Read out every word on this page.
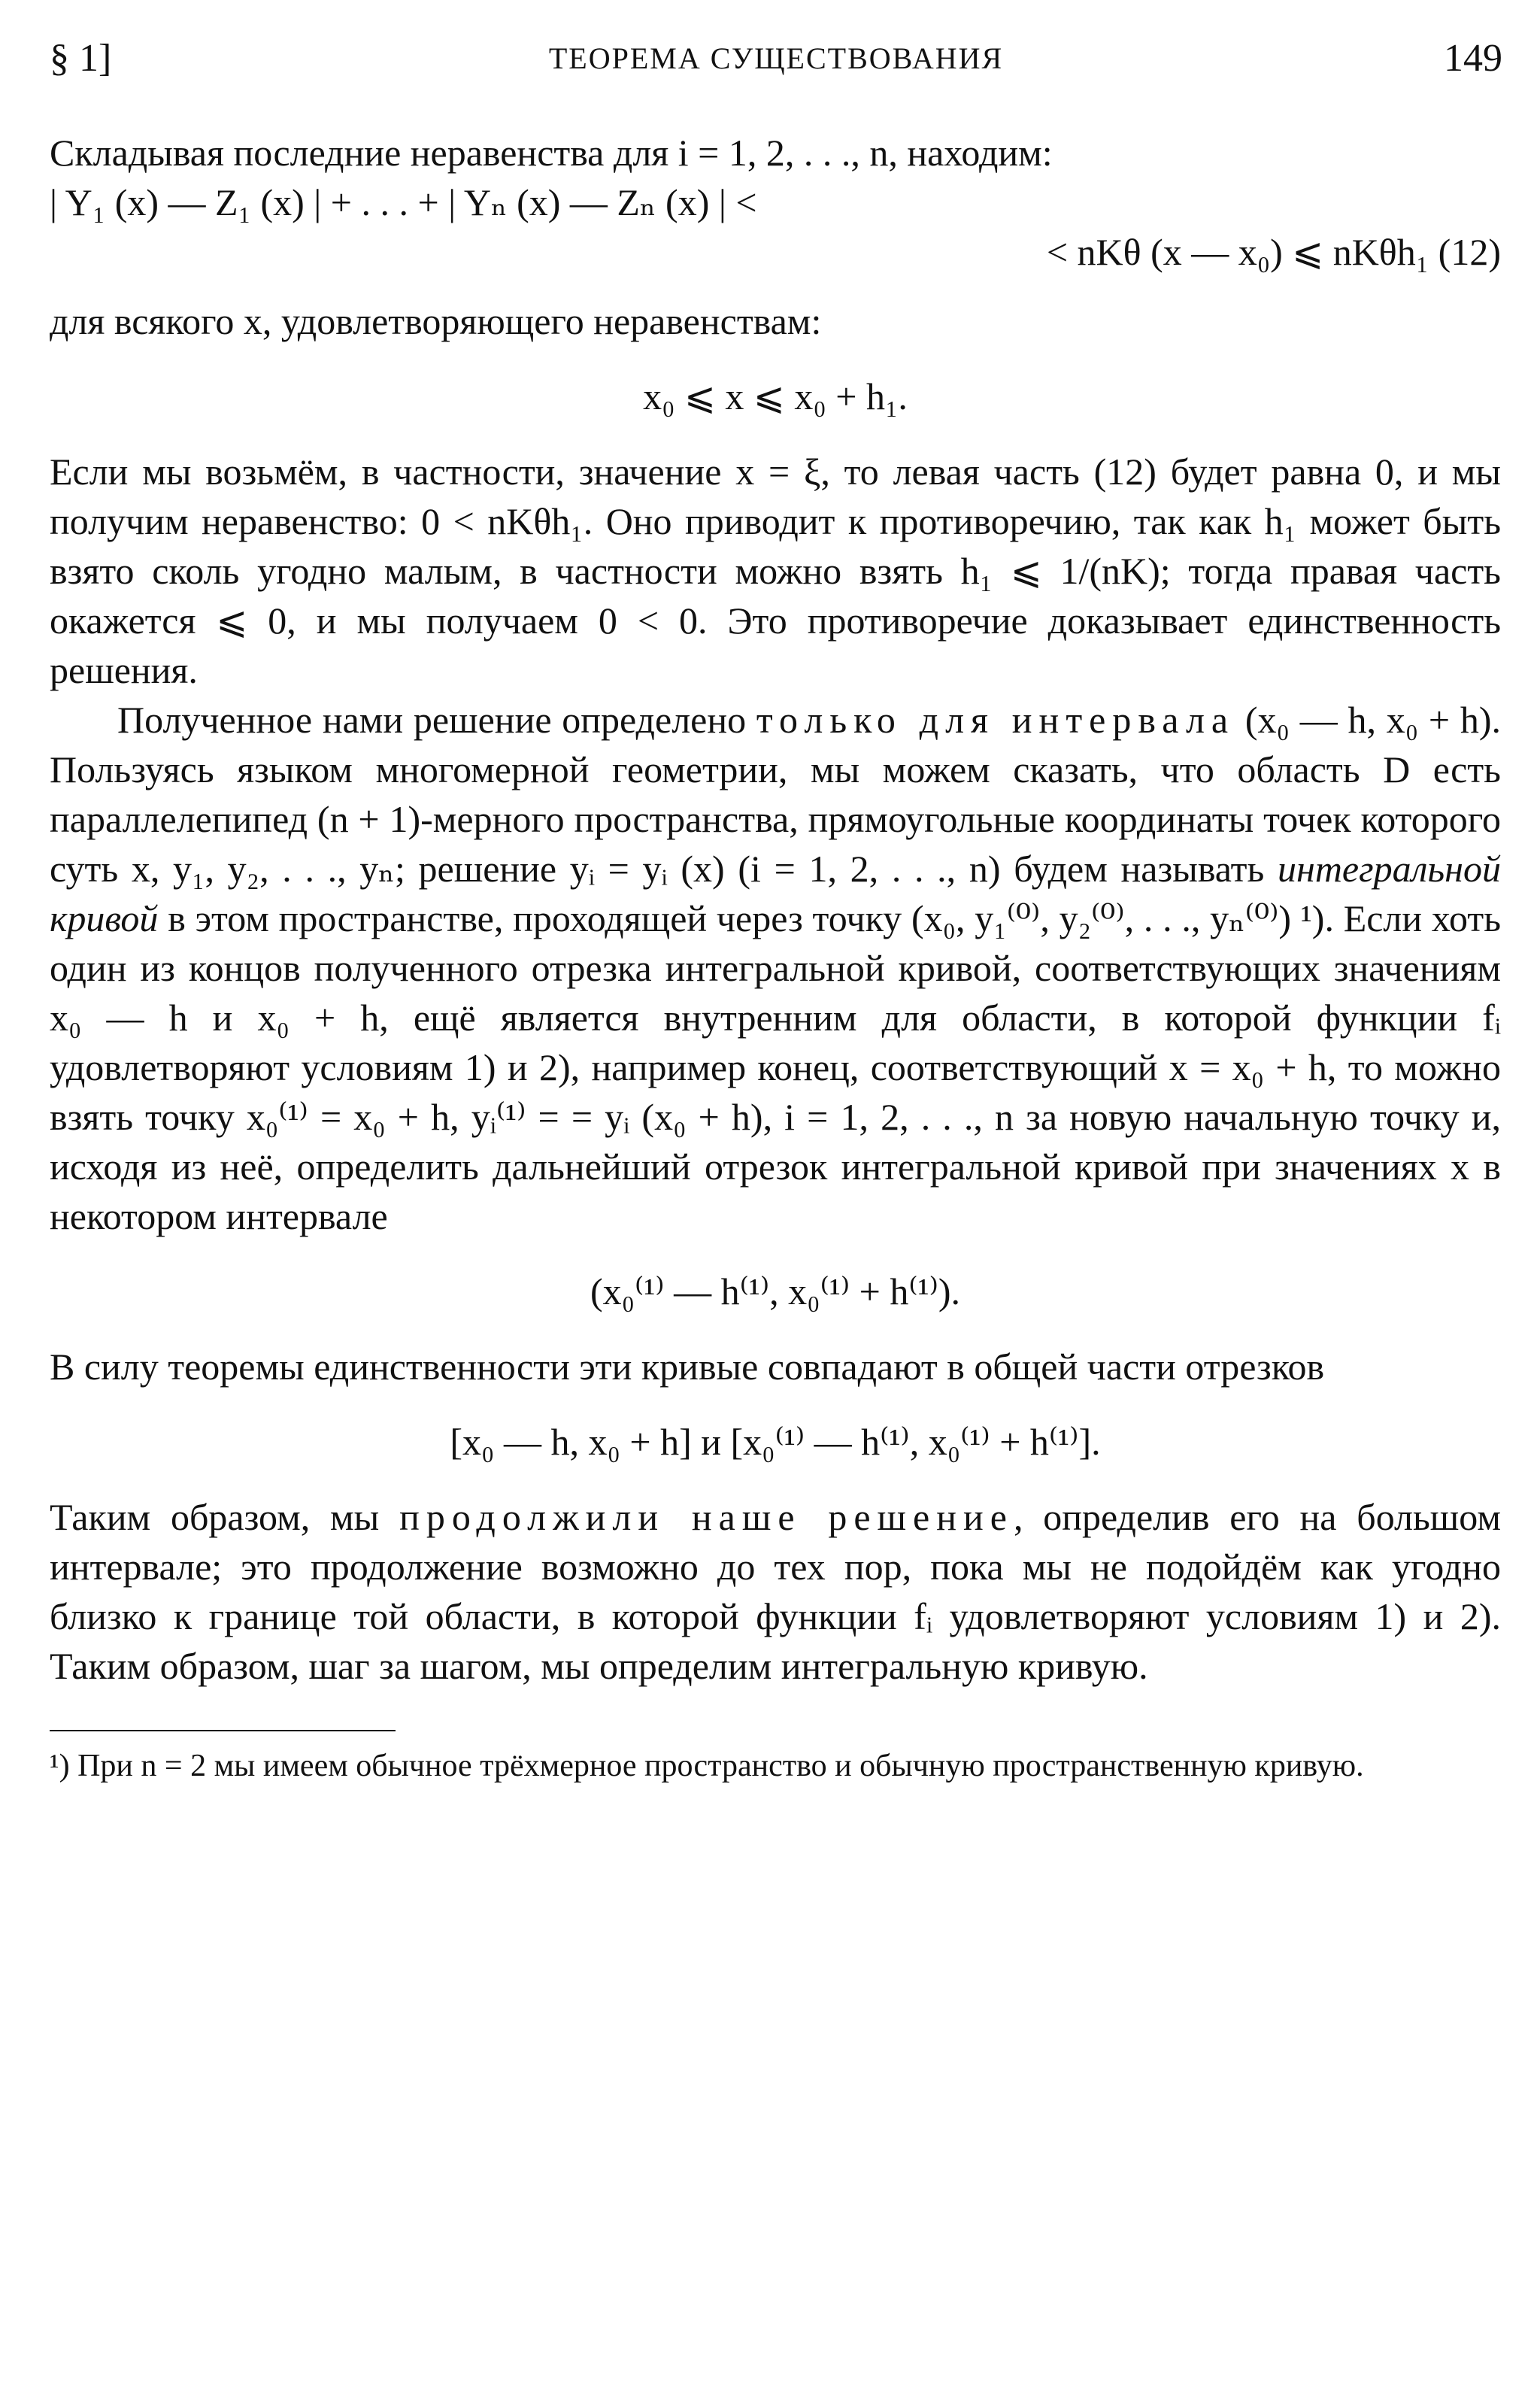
§ 1]	ТЕОРЕМА СУЩЕСТВОВАНИЯ	149

Складывая последние неравенства для i = 1, 2, . . ., n, находим:

| Y₁ (x) — Z₁ (x) | + . . . + | Yₙ (x) — Zₙ (x) | <

< nKθ (x — x₀) ⩽ nKθh₁ (12)

для всякого x, удовлетворяющего неравенствам:

x₀ ⩽ x ⩽ x₀ + h₁.

Если мы возьмём, в частности, значение x = ξ, то левая часть (12) будет равна 0, и мы получим неравенство: 0 < nKθh₁. Оно приводит к противоречию, так как h₁ может быть взято сколь угодно малым, в частности можно взять h₁ ⩽ 1/(nK); тогда правая часть окажется ⩽ 0, и мы получаем 0 < 0. Это противоречие доказывает единственность решения.

Полученное нами решение определено только для интервала (x₀ — h, x₀ + h). Пользуясь языком многомерной геометрии, мы можем сказать, что область D есть параллелепипед (n + 1)-мерного пространства, прямоугольные координаты точек которого суть x, y₁, y₂, . . ., yₙ; решение yᵢ = yᵢ (x) (i = 1, 2, . . ., n) будем называть интегральной кривой в этом пространстве, проходящей через точку (x₀, y₁⁽⁰⁾, y₂⁽⁰⁾, . . ., yₙ⁽⁰⁾) ¹). Если хоть один из концов полученного отрезка интегральной кривой, соответствующих значениям x₀ — h и x₀ + h, ещё является внутренним для области, в которой функции fᵢ удовлетворяют условиям 1) и 2), например конец, соответствующий x = x₀ + h, то можно взять точку x₀⁽¹⁾ = x₀ + h, yᵢ⁽¹⁾ = = yᵢ (x₀ + h), i = 1, 2, . . ., n за новую начальную точку и, исходя из неё, определить дальнейший отрезок интегральной кривой при значениях x в некотором интервале

(x₀⁽¹⁾ — h⁽¹⁾, x₀⁽¹⁾ + h⁽¹⁾).

В силу теоремы единственности эти кривые совпадают в общей части отрезков

[x₀ — h, x₀ + h] и [x₀⁽¹⁾ — h⁽¹⁾, x₀⁽¹⁾ + h⁽¹⁾].

Таким образом, мы продолжили наше решение, определив его на большом интервале; это продолжение возможно до тех пор, пока мы не подойдём как угодно близко к границе той области, в которой функции fᵢ удовлетворяют условиям 1) и 2). Таким образом, шаг за шагом, мы определим интегральную кривую.

¹) При n = 2 мы имеем обычное трёхмерное пространство и обычную пространственную кривую.
